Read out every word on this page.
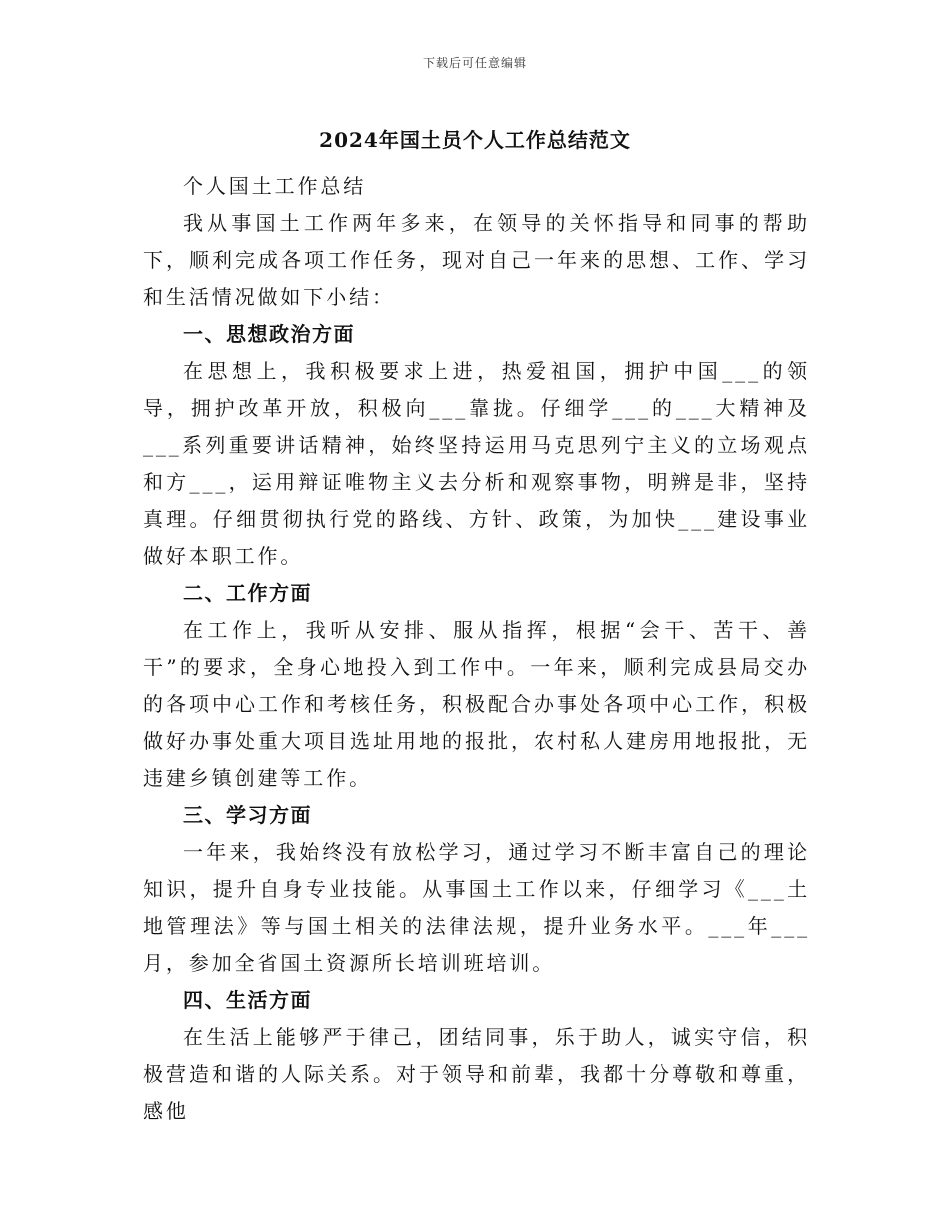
下载后可任意编辑
2024年国土员个人工作总结范文

个人国土工作总结

我从事国土工作两年多来，在领导的关怀指导和同事的帮助下，顺利完成各项工作任务，现对自己一年来的思想、工作、学习和生活情况做如下小结：

一、思想政治方面

在思想上，我积极要求上进，热爱祖国，拥护中国___的领导，拥护改革开放，积极向___靠拢。仔细学___的___大精神及___系列重要讲话精神，始终坚持运用马克思列宁主义的立场观点和方___，运用辩证唯物主义去分析和观察事物，明辨是非，坚持真理。仔细贯彻执行党的路线、方针、政策，为加快___建设事业做好本职工作。

二、工作方面

在工作上，我听从安排、服从指挥，根据“会干、苦干、善干”的要求，全身心地投入到工作中。一年来，顺利完成县局交办的各项中心工作和考核任务，积极配合办事处各项中心工作，积极做好办事处重大项目选址用地的报批，农村私人建房用地报批，无违建乡镇创建等工作。

三、学习方面

一年来，我始终没有放松学习，通过学习不断丰富自己的理论知识，提升自身专业技能。从事国土工作以来，仔细学习《___土地管理法》等与国土相关的法律法规，提升业务水平。___年___月，参加全省国土资源所长培训班培训。

四、生活方面

在生活上能够严于律己，团结同事，乐于助人，诚实守信，积极营造和谐的人际关系。对于领导和前辈，我都十分尊敬和尊重，感他
